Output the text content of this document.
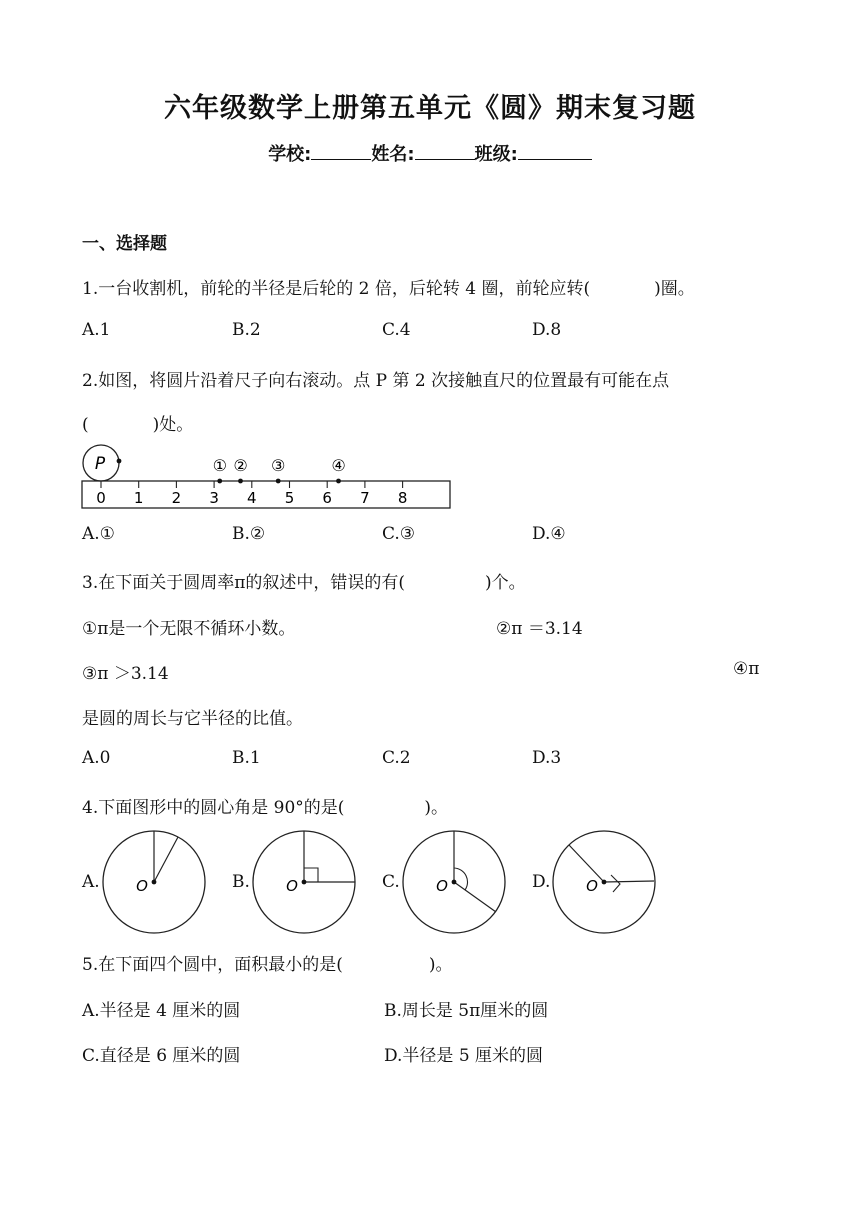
六年级数学上册第五单元《圆》期末复习题
学校:	姓名:	班级:
一、选择题
1.一台收割机，前轮的半径是后轮的 2 倍，后轮转 4 圈，前轮应转(	)圈。
A.1	B.2	C.4	D.8
2.如图，将圆片沿着尺子向右滚动。点 P 第 2 次接触直尺的位置最有可能在点
(	)处。
P
0 1 2 3 4 5 6 7 8
① ② ③	④
A.①	B.②	C.③	D.④
3.在下面关于圆周率π的叙述中，错误的有(	)个。
①π是一个无限不循环小数。	②π ＝3.14
③π ＞3.14	④π
是圆的周长与它半径的比值。
A.0	B.1	C.2	D.3
4.下面图形中的圆心角是 90°的是(	)。
A.	B.	C.	D.
O	O	O	O
5.在下面四个圆中，面积最小的是(	)。
A.半径是 4 厘米的圆	B.周长是 5π厘米的圆
C.直径是 6 厘米的圆	D.半径是 5 厘米的圆
